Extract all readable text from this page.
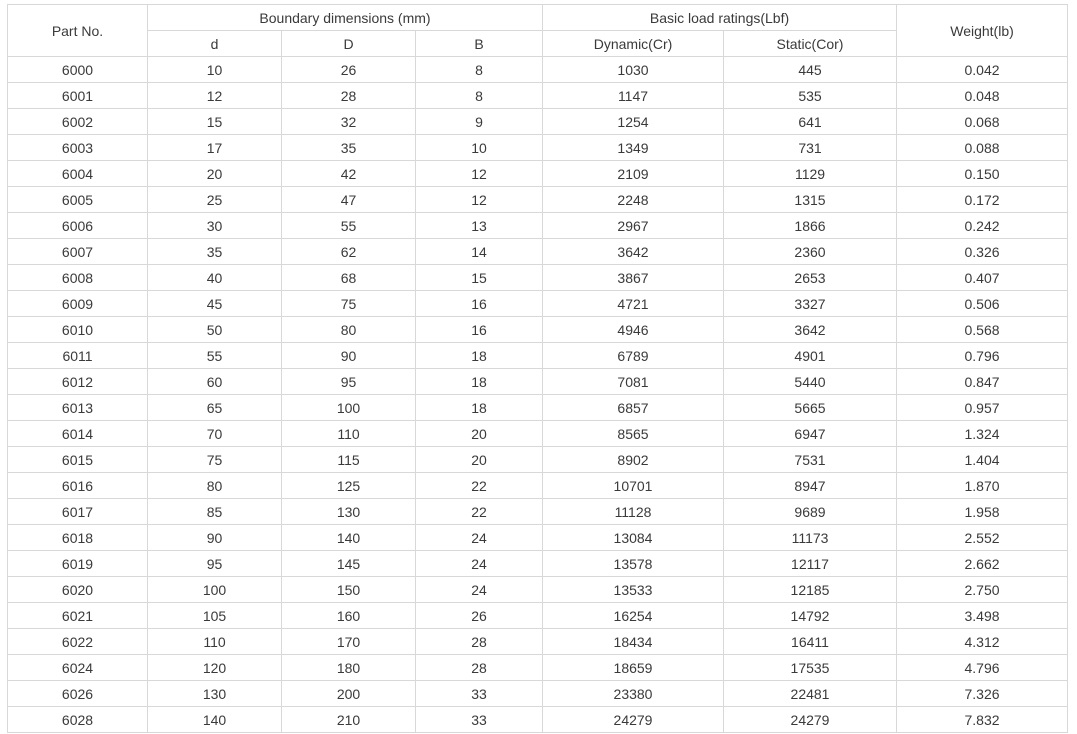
Part No.	Boundary dimensions (mm)			Basic load ratings(Lbf)		Weight(lb)
	d	D	B	Dynamic(Cr)	Static(Cor)	
6000	10	26	8	1030	445	0.042
6001	12	28	8	1147	535	0.048
6002	15	32	9	1254	641	0.068
6003	17	35	10	1349	731	0.088
6004	20	42	12	2109	1129	0.150
6005	25	47	12	2248	1315	0.172
6006	30	55	13	2967	1866	0.242
6007	35	62	14	3642	2360	0.326
6008	40	68	15	3867	2653	0.407
6009	45	75	16	4721	3327	0.506
6010	50	80	16	4946	3642	0.568
6011	55	90	18	6789	4901	0.796
6012	60	95	18	7081	5440	0.847
6013	65	100	18	6857	5665	0.957
6014	70	110	20	8565	6947	1.324
6015	75	115	20	8902	7531	1.404
6016	80	125	22	10701	8947	1.870
6017	85	130	22	11128	9689	1.958
6018	90	140	24	13084	11173	2.552
6019	95	145	24	13578	12117	2.662
6020	100	150	24	13533	12185	2.750
6021	105	160	26	16254	14792	3.498
6022	110	170	28	18434	16411	4.312
6024	120	180	28	18659	17535	4.796
6026	130	200	33	23380	22481	7.326
6028	140	210	33	24279	24279	7.832
